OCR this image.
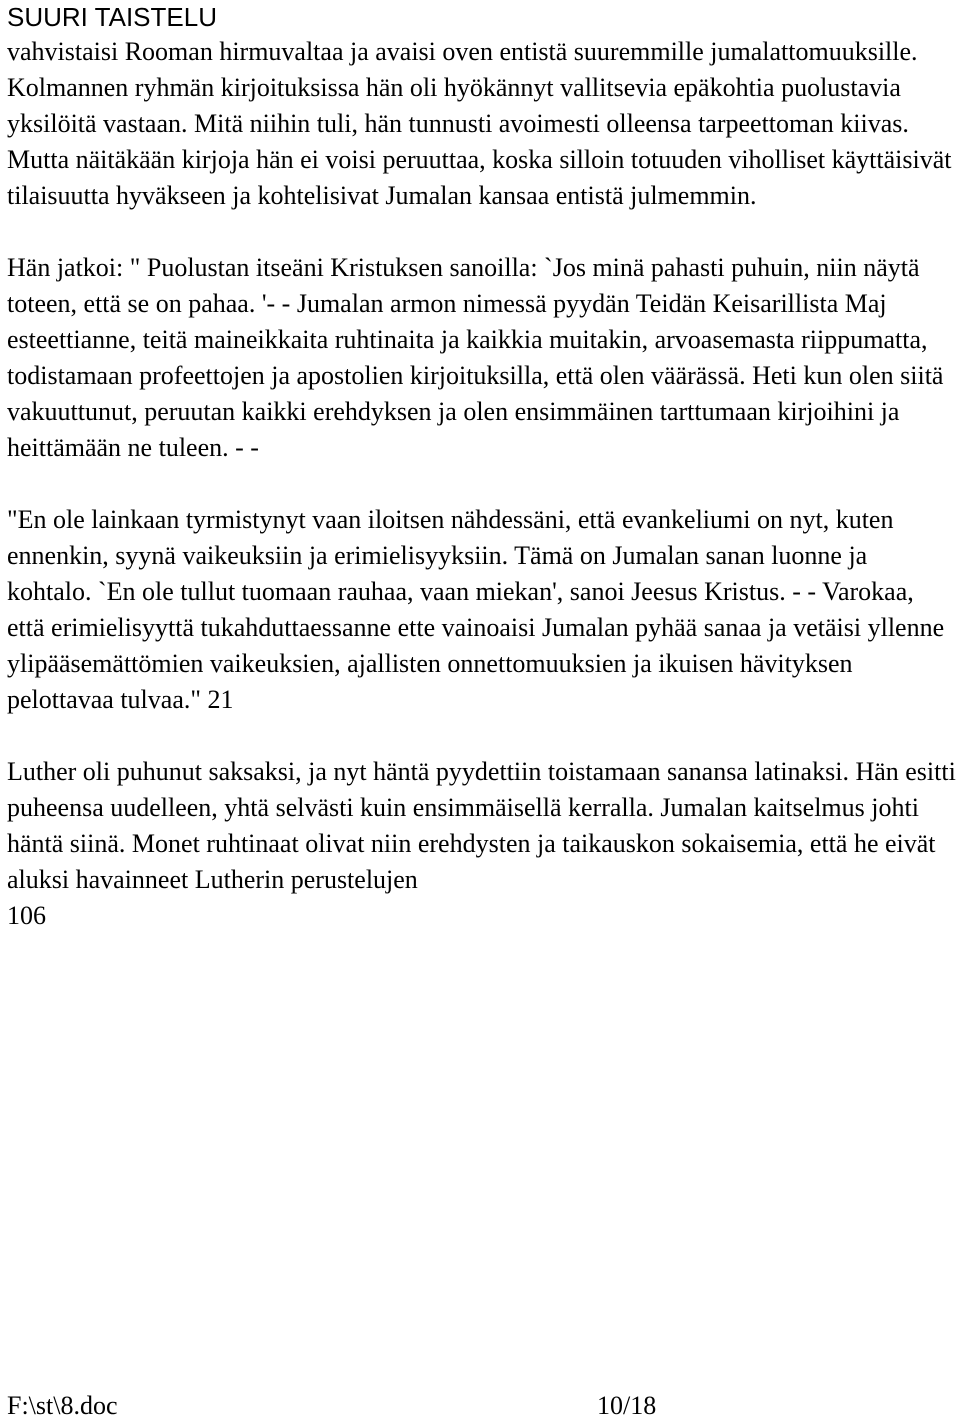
SUURI TAISTELU

vahvistaisi Rooman hirmuvaltaa ja avaisi oven entistä suuremmille jumalattomuuksille. Kolmannen ryhmän kirjoituksissa hän oli hyökännyt vallitsevia epäkohtia puolustavia yksilöitä vastaan. Mitä niihin tuli, hän tunnusti avoimesti olleensa tarpeettoman kiivas. Mutta näitäkään kirjoja hän ei voisi peruuttaa, koska silloin totuuden viholliset käyttäisivät tilaisuutta hyväkseen ja kohtelisivat Jumalan kansaa entistä julmemmin.

Hän jatkoi: " Puolustan itseäni Kristuksen sanoilla: `Jos minä pahasti puhuin, niin näytä toteen, että se on pahaa. '- - Jumalan armon nimessä pyydän Teidän Keisarillista Maj esteettianne, teitä maineikkaita ruhtinaita ja kaikkia muitakin, arvoasemasta riippumatta, todistamaan profeettojen ja apostolien kirjoituksilla, että olen väärässä. Heti kun olen siitä vakuuttunut, peruutan kaikki erehdyksen ja olen ensimmäinen tarttumaan kirjoihini ja heittämään ne tuleen. - -

"En ole lainkaan tyrmistynyt vaan iloitsen nähdessäni, että evankeliumi on nyt, kuten ennenkin, syynä vaikeuksiin ja erimielisyyksiin. Tämä on Jumalan sanan luonne ja kohtalo. `En ole tullut tuomaan rauhaa, vaan miekan', sanoi Jeesus Kristus. - - Varokaa, että erimielisyyttä tukahduttaessanne ette vainoaisi Jumalan pyhää sanaa ja vetäisi yllenne ylipääsemättömien vaikeuksien, ajallisten onnettomuuksien ja ikuisen hävityksen pelottavaa tulvaa." 21

Luther oli puhunut saksaksi, ja nyt häntä pyydettiin toistamaan sanansa latinaksi. Hän esitti puheensa uudelleen, yhtä selvästi kuin ensimmäisellä kerralla. Jumalan kaitselmus johti häntä siinä. Monet ruhtinaat olivat niin erehdysten ja taikauskon sokaisemia, että he eivät aluksi havainneet Lutherin perustelujen

106
F:\st\8.doc	10/18
